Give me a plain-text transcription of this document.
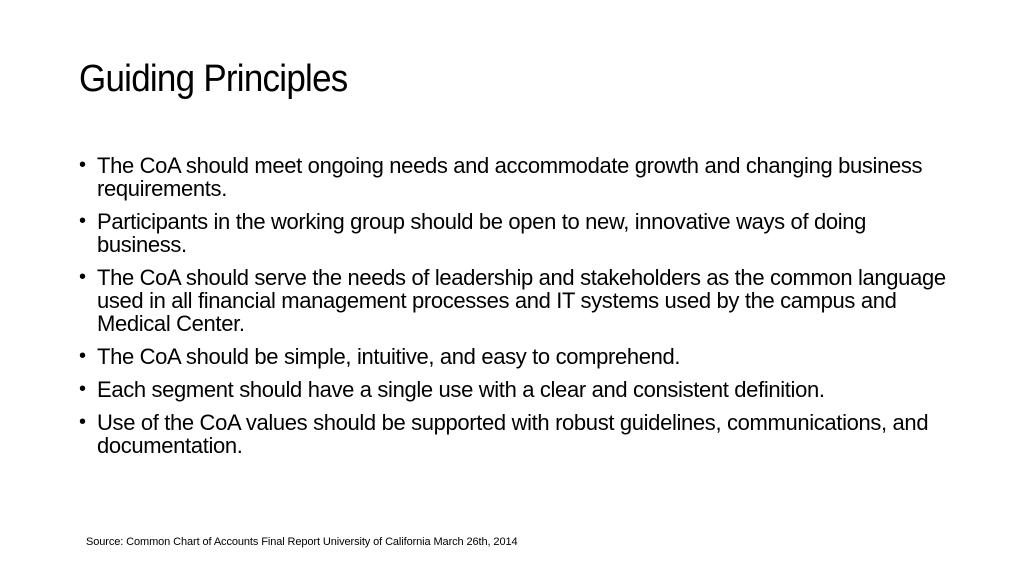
Guiding Principles
• The CoA should meet ongoing needs and accommodate growth and changing business requirements.
• Participants in the working group should be open to new, innovative ways of doing business.
• The CoA should serve the needs of leadership and stakeholders as the common language used in all financial management processes and IT systems used by the campus and Medical Center.
• The CoA should be simple, intuitive, and easy to comprehend.
• Each segment should have a single use with a clear and consistent definition.
• Use of the CoA values should be supported with robust guidelines, communications, and documentation.
Source: Common Chart of Accounts Final Report University of California March 26th, 2014
